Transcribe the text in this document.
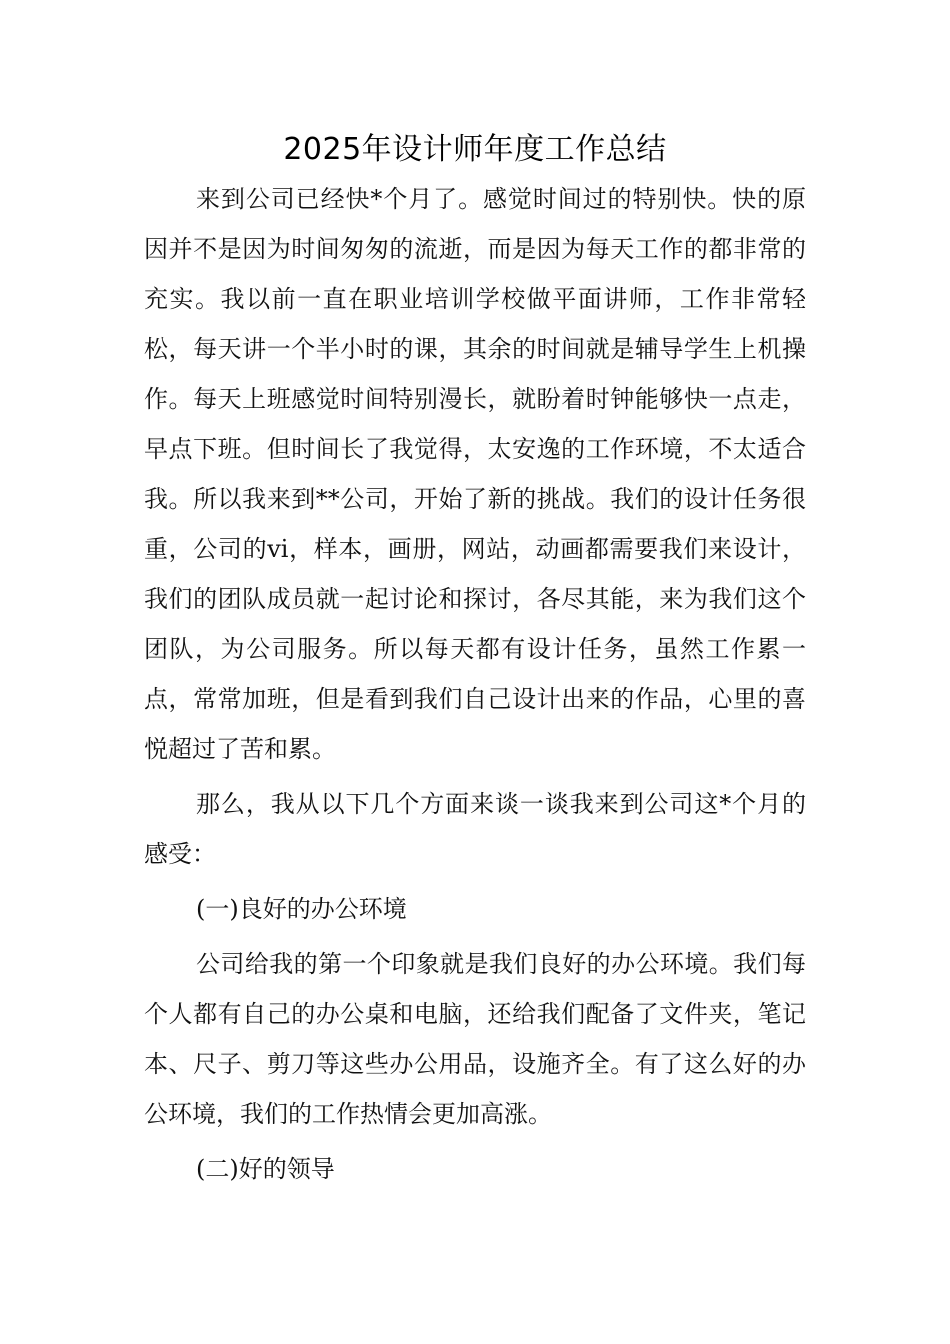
2025年设计师年度工作总结

来到公司已经快*个月了。感觉时间过的特别快。快的原因并不是因为时间匆匆的流逝，而是因为每天工作的都非常的充实。我以前一直在职业培训学校做平面讲师，工作非常轻松，每天讲一个半小时的课，其余的时间就是辅导学生上机操作。每天上班感觉时间特别漫长，就盼着时钟能够快一点走，早点下班。但时间长了我觉得，太安逸的工作环境，不太适合我。所以我来到**公司，开始了新的挑战。我们的设计任务很重，公司的vi，样本，画册，网站，动画都需要我们来设计，我们的团队成员就一起讨论和探讨，各尽其能，来为我们这个团队，为公司服务。所以每天都有设计任务，虽然工作累一点，常常加班，但是看到我们自己设计出来的作品，心里的喜悦超过了苦和累。

那么，我从以下几个方面来谈一谈我来到公司这*个月的感受：

(一)良好的办公环境

公司给我的第一个印象就是我们良好的办公环境。我们每个人都有自己的办公桌和电脑，还给我们配备了文件夹，笔记本、尺子、剪刀等这些办公用品，设施齐全。有了这么好的办公环境，我们的工作热情会更加高涨。

(二)好的领导
